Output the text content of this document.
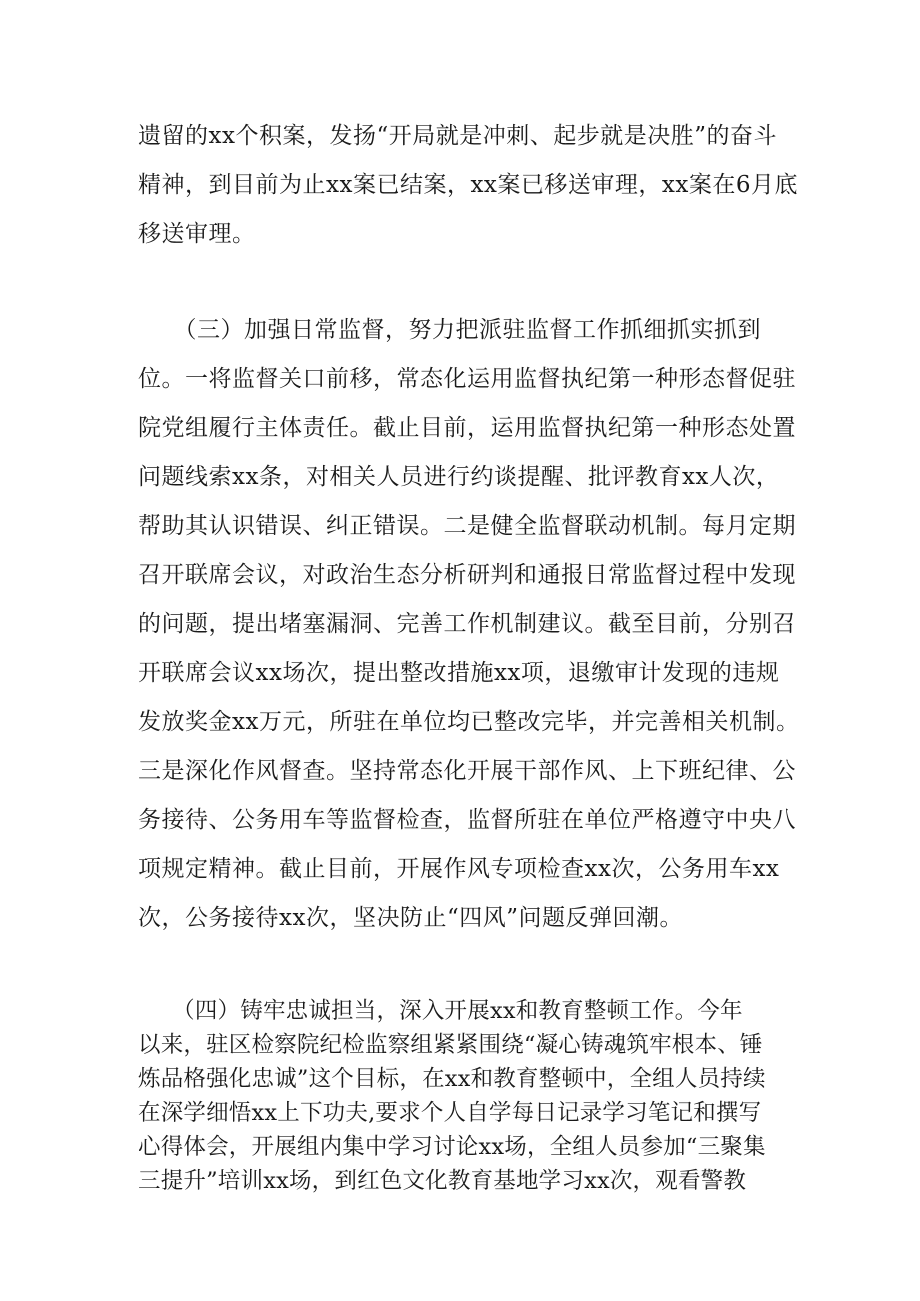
遗留的xx个积案，发扬“开局就是冲刺、起步就是决胜”的奋斗
精神，到目前为止xx案已结案，xx案已移送审理，xx案在6月底
移送审理。
　　（三）加强日常监督，努力把派驻监督工作抓细抓实抓到
位。一将监督关口前移，常态化运用监督执纪第一种形态督促驻
院党组履行主体责任。截止目前，运用监督执纪第一种形态处置
问题线索xx条，对相关人员进行约谈提醒、批评教育xx人次，
帮助其认识错误、纠正错误。二是健全监督联动机制。每月定期
召开联席会议，对政治生态分析研判和通报日常监督过程中发现
的问题，提出堵塞漏洞、完善工作机制建议。截至目前，分别召
开联席会议xx场次，提出整改措施xx项，退缴审计发现的违规
发放奖金xx万元，所驻在单位均已整改完毕，并完善相关机制。
三是深化作风督查。坚持常态化开展干部作风、上下班纪律、公
务接待、公务用车等监督检查，监督所驻在单位严格遵守中央八
项规定精神。截止目前，开展作风专项检查xx次，公务用车xx
次，公务接待xx次，坚决防止“四风”问题反弹回潮。
　　（四）铸牢忠诚担当，深入开展xx和教育整顿工作。今年
以来，驻区检察院纪检监察组紧紧围绕“凝心铸魂筑牢根本、锤
炼品格强化忠诚”这个目标，在xx和教育整顿中，全组人员持续
在深学细悟xx上下功夫,要求个人自学每日记录学习笔记和撰写
心得体会，开展组内集中学习讨论xx场，全组人员参加“三聚集
三提升”培训xx场，到红色文化教育基地学习xx次，观看警教
